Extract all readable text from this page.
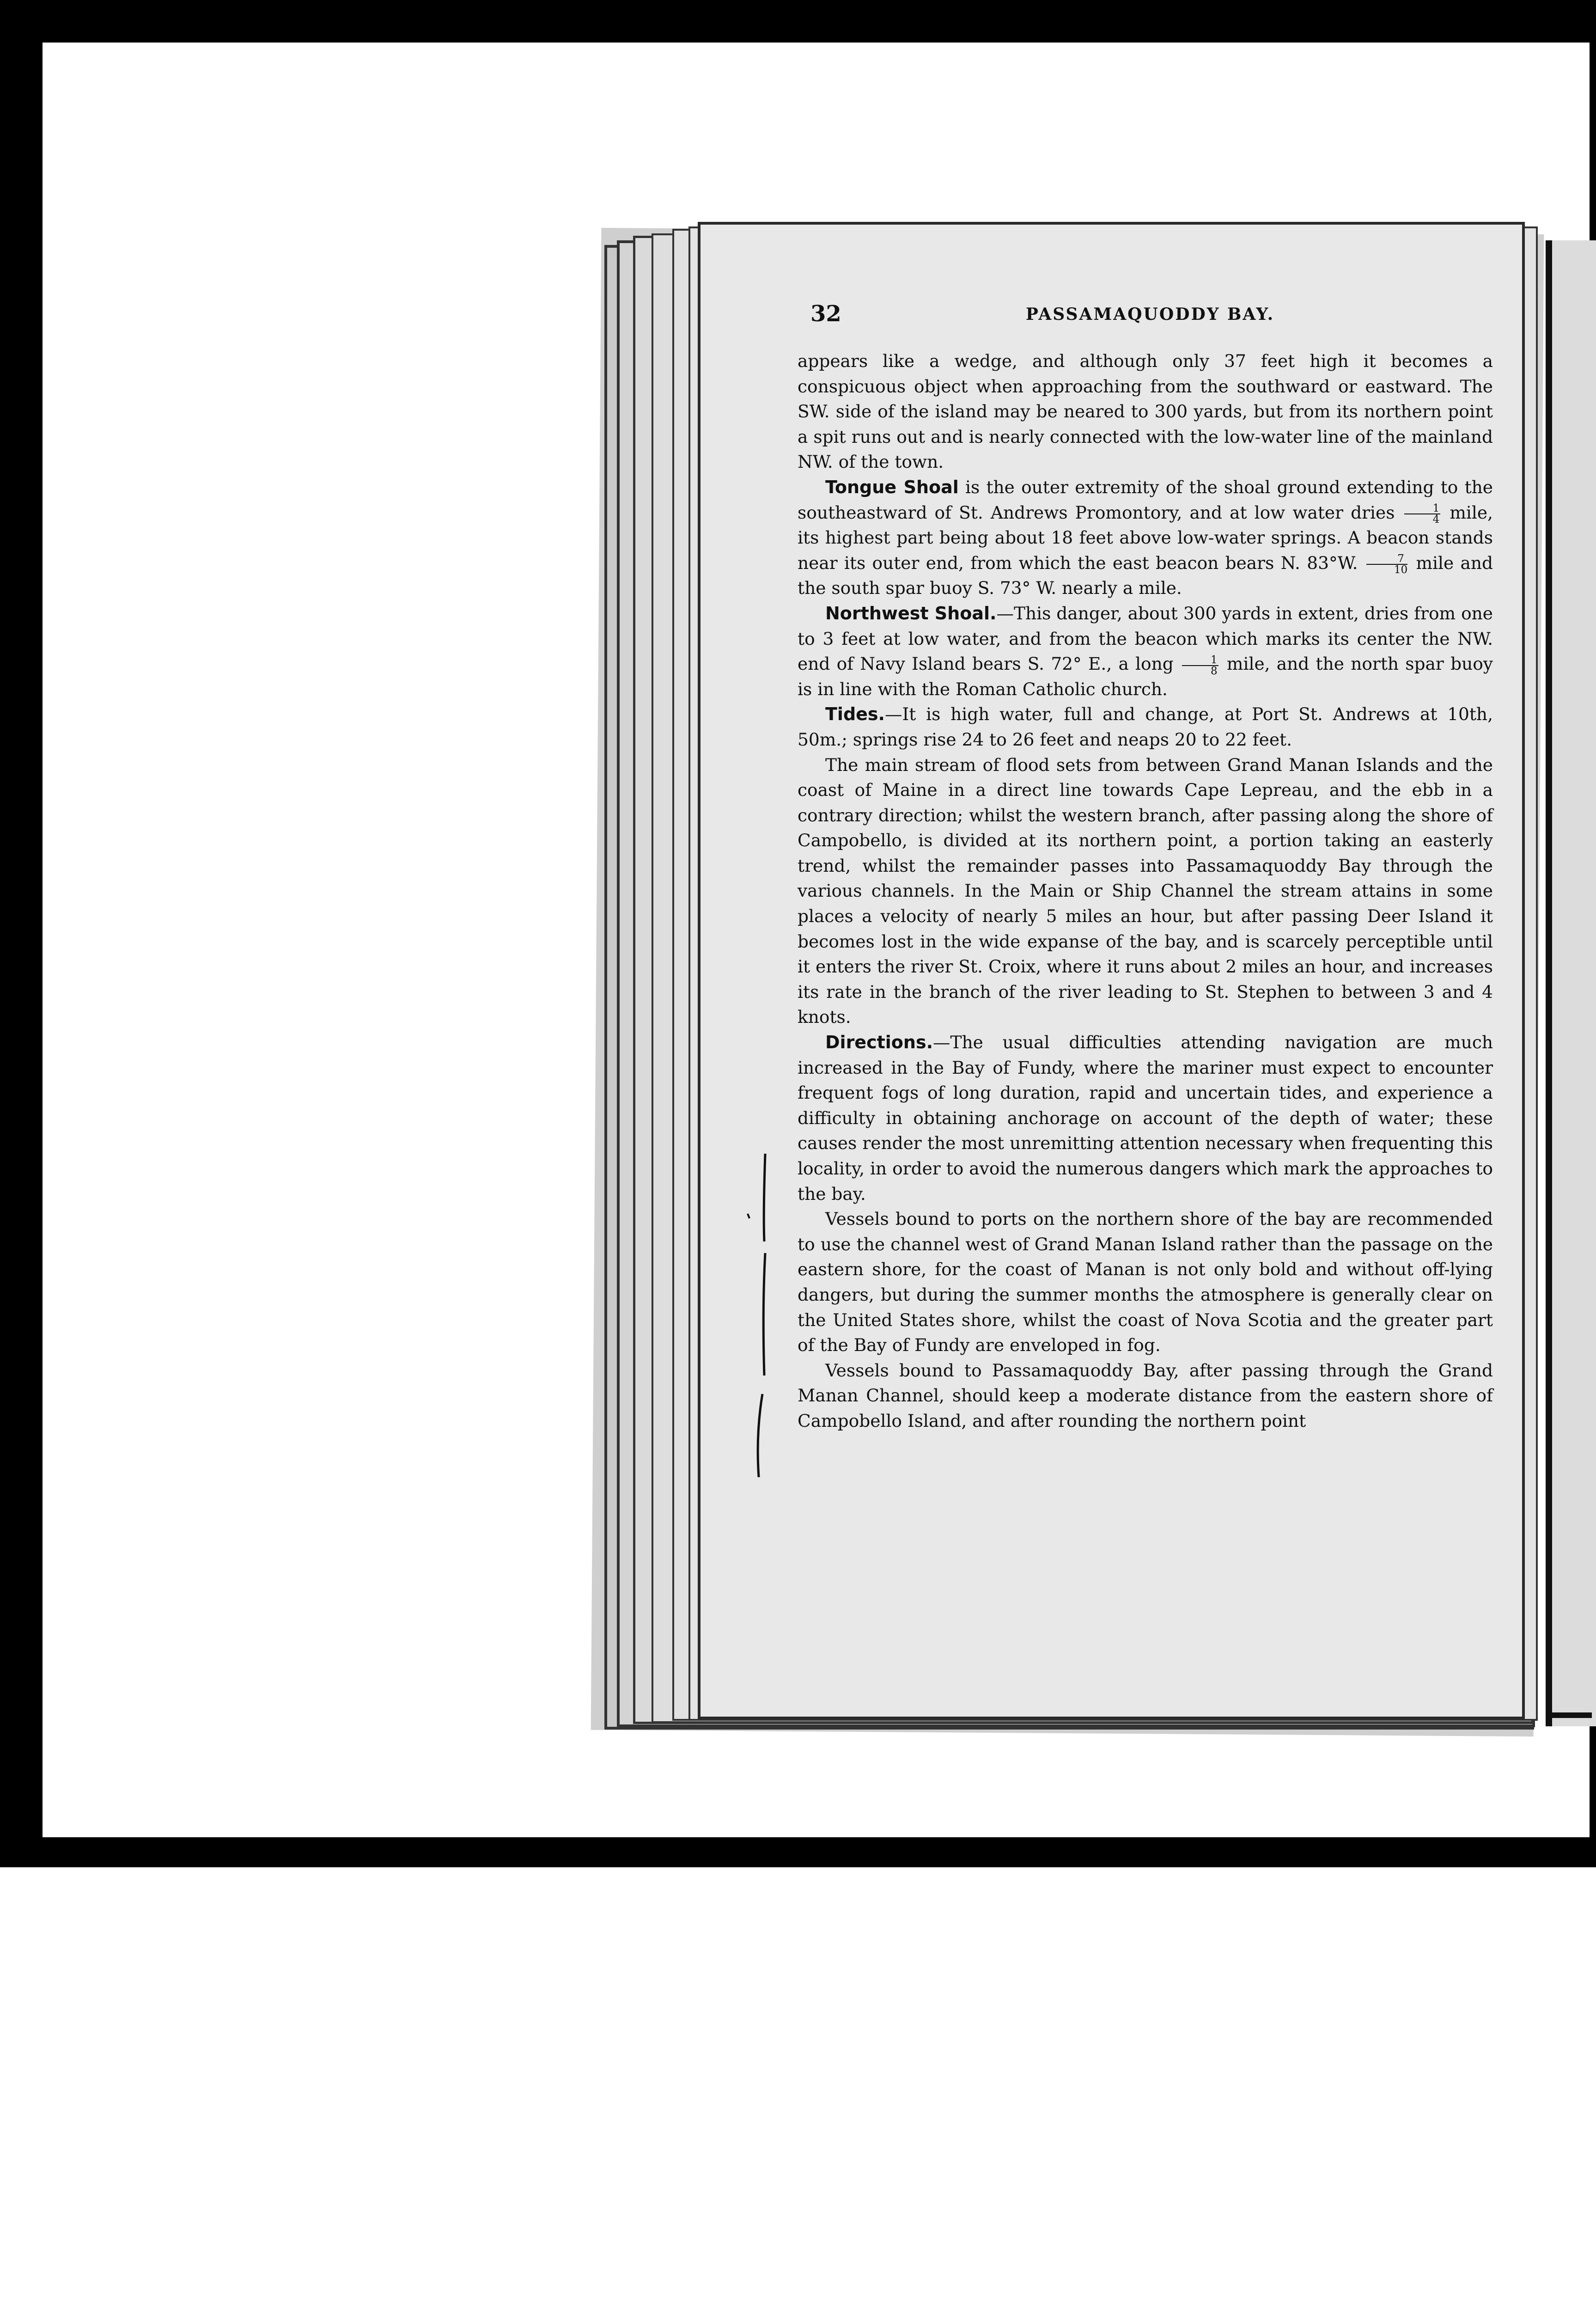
32	PASSAMAQUODDY BAY.

appears like a wedge, and although only 37 feet high it becomes a conspicuous object when approaching from the southward or eastward. The SW. side of the island may be neared to 300 yards, but from its northern point a spit runs out and is nearly connected with the low-water line of the mainland NW. of the town.

Tongue Shoal is the outer extremity of the shoal ground extending to the southeastward of St. Andrews Promontory, and at low water dries $\frac{1}{4}$ mile, its highest part being about 18 feet above low-water springs. A beacon stands near its outer end, from which the east beacon bears N. 83°W. $\frac{7}{10}$ mile and the south spar buoy S. 73° W. nearly a mile.

Northwest Shoal.—This danger, about 300 yards in extent, dries from one to 3 feet at low water, and from the beacon which marks its center the NW. end of Navy Island bears S. 72° E., a long $\frac{1}{8}$ mile, and the north spar buoy is in line with the Roman Catholic church.

Tides.—It is high water, full and change, at Port St. Andrews at 10th, 50m.; springs rise 24 to 26 feet and neaps 20 to 22 feet.

The main stream of flood sets from between Grand Manan Islands and the coast of Maine in a direct line towards Cape Lepreau, and the ebb in a contrary direction; whilst the western branch, after passing along the shore of Campobello, is divided at its northern point, a portion taking an easterly trend, whilst the remainder passes into Passamaquoddy Bay through the various channels. In the Main or Ship Channel the stream attains in some places a velocity of nearly 5 miles an hour, but after passing Deer Island it becomes lost in the wide expanse of the bay, and is scarcely perceptible until it enters the river St. Croix, where it runs about 2 miles an hour, and increases its rate in the branch of the river leading to St. Stephen to between 3 and 4 knots.

Directions.—The usual difficulties attending navigation are much increased in the Bay of Fundy, where the mariner must expect to encounter frequent fogs of long duration, rapid and uncertain tides, and experience a difficulty in obtaining anchorage on account of the depth of water; these causes render the most unremitting attention necessary when frequenting this locality, in order to avoid the numerous dangers which mark the approaches to the bay.

Vessels bound to ports on the northern shore of the bay are recommended to use the channel west of Grand Manan Island rather than the passage on the eastern shore, for the coast of Manan is not only bold and without off-lying dangers, but during the summer months the atmosphere is generally clear on the United States shore, whilst the coast of Nova Scotia and the greater part of the Bay of Fundy are enveloped in fog.

Vessels bound to Passamaquoddy Bay, after passing through the Grand Manan Channel, should keep a moderate distance from the eastern shore of Campobello Island, and after rounding the northern point
